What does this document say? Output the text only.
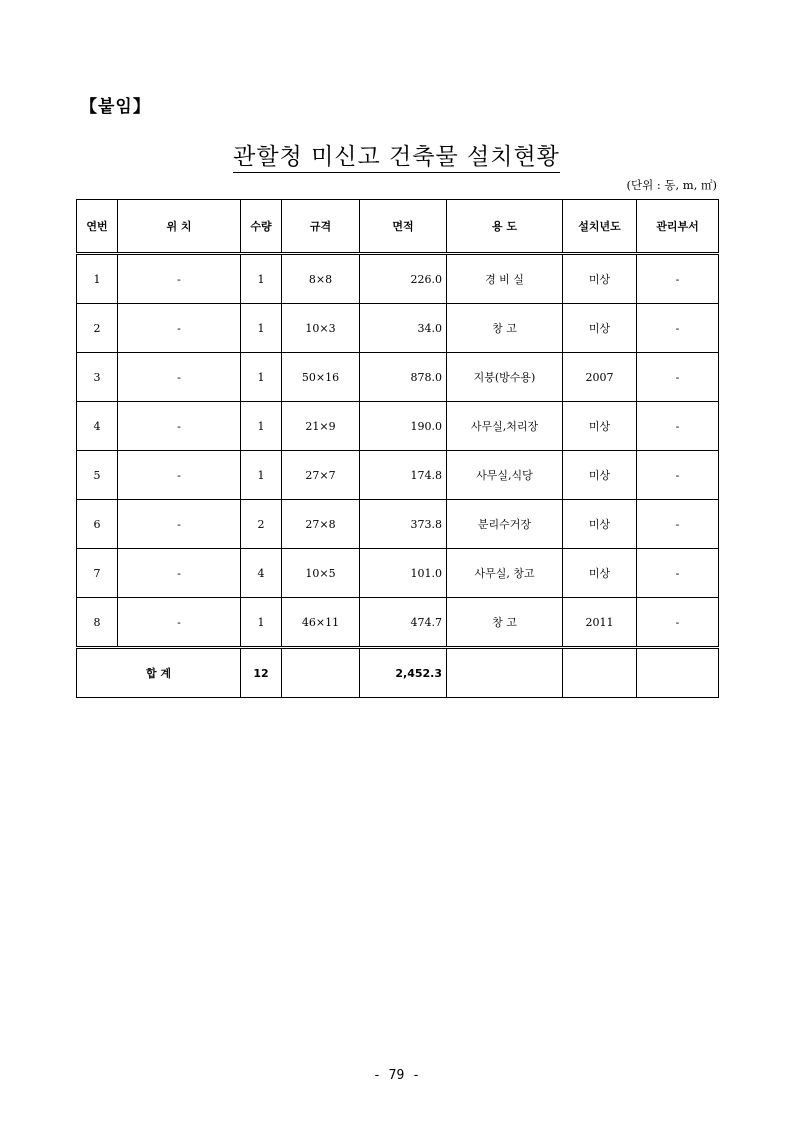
【붙임】
관할청 미신고 건축물 설치현황
(단위 : 동, m, ㎡)
연번	위 치	수량	규격	면적	용 도	설치년도	관리부서
1	-	1	8×8	226.0	경 비 실	미상	-
2	-	1	10×3	34.0	창 고	미상	-
3	-	1	50×16	878.0	지붕(방수용)	2007	-
4	-	1	21×9	190.0	사무실,처리장	미상	-
5	-	1	27×7	174.8	사무실,식당	미상	-
6	-	2	27×8	373.8	분리수거장	미상	-
7	-	4	10×5	101.0	사무실, 창고	미상	-
8	-	1	46×11	474.7	창 고	2011	-
합 계		12		2,452.3			
- 79 -
